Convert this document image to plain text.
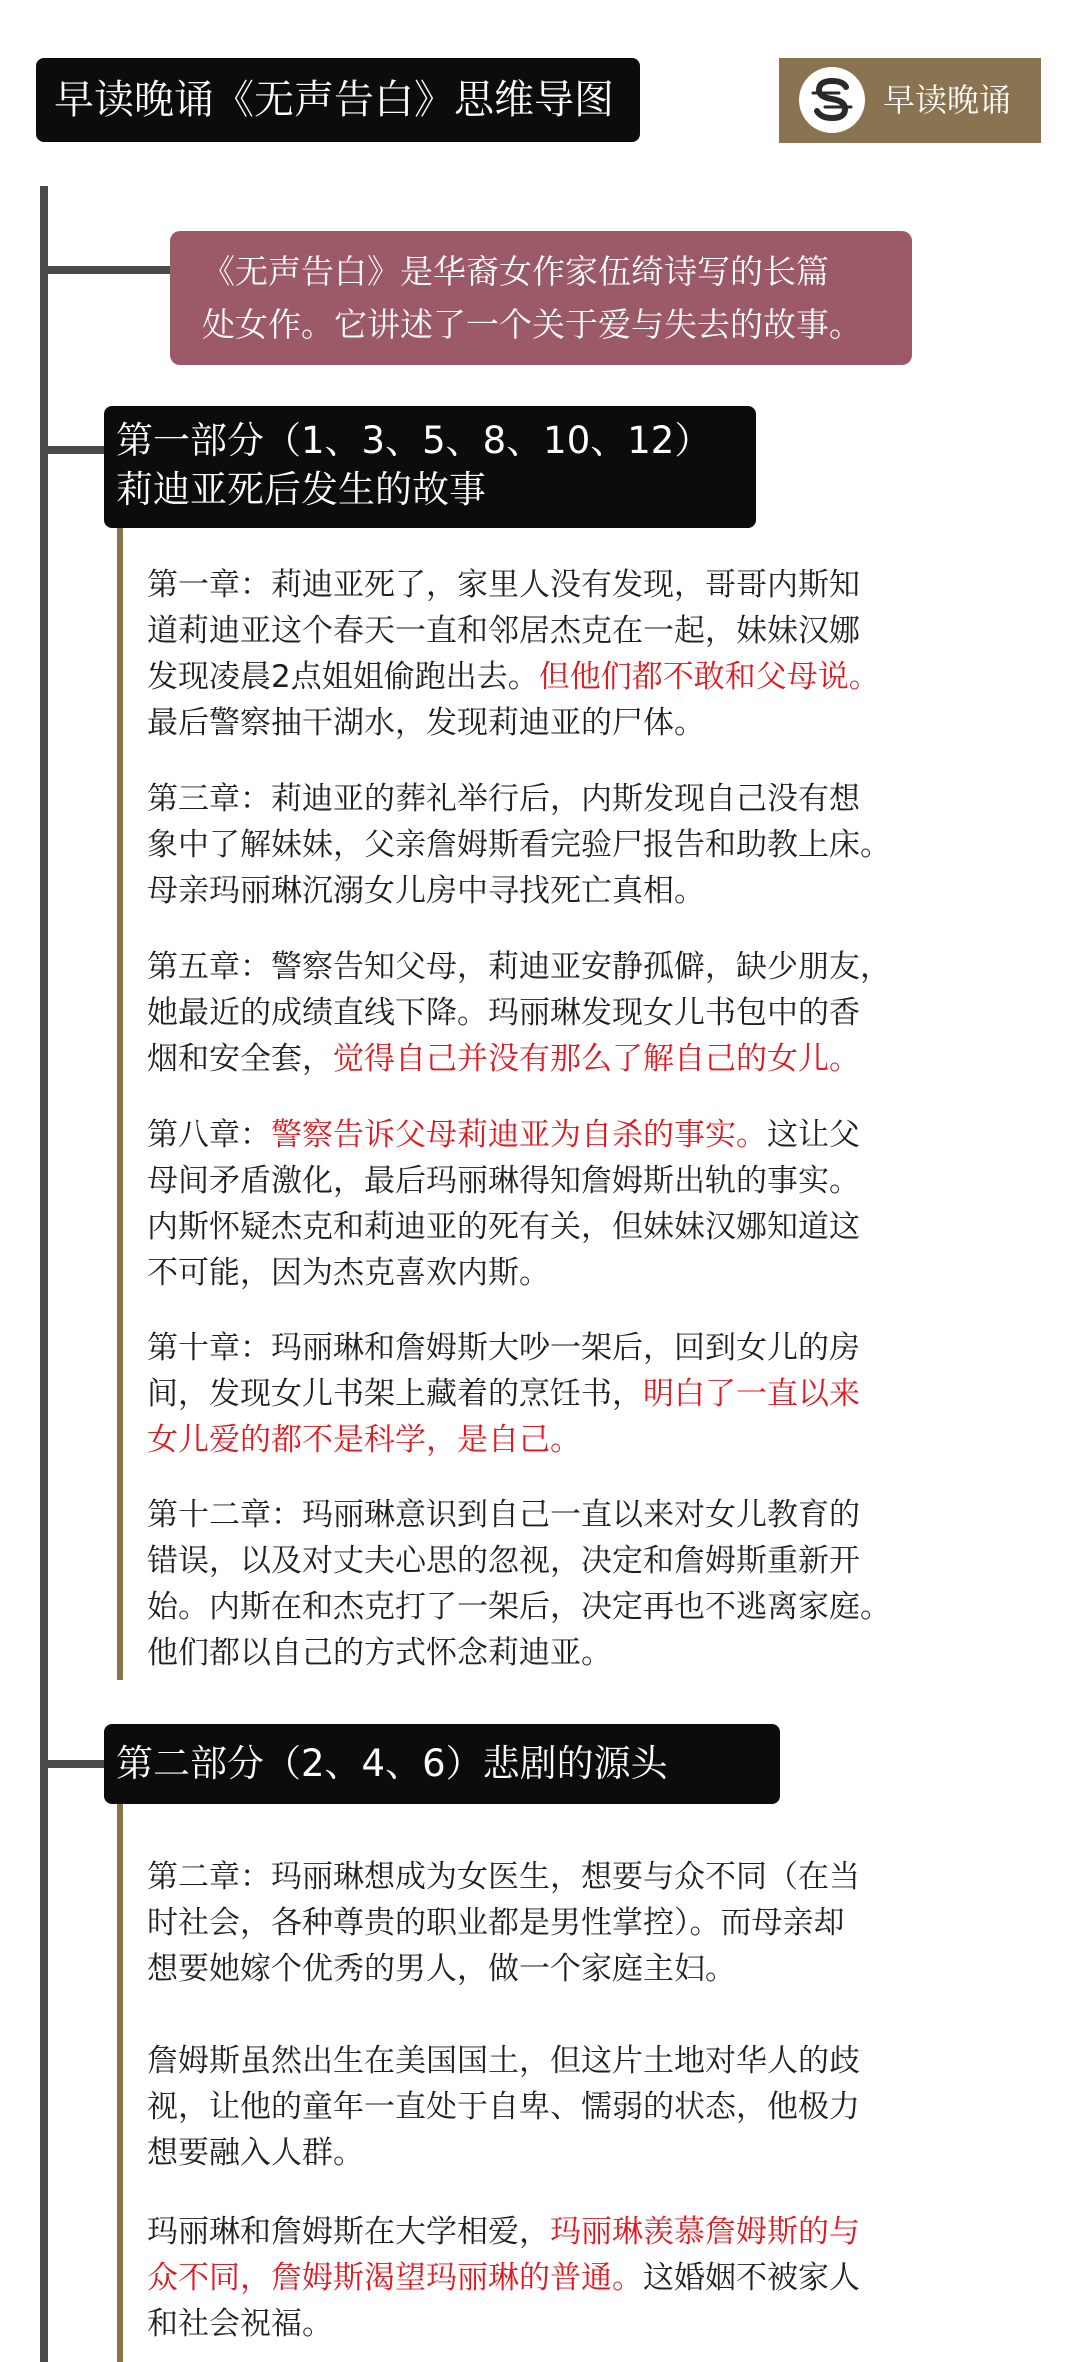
早读晚诵《无声告白》思维导图	早读晚诵
《无声告白》是华裔女作家伍绮诗写的长篇
处女作。它讲述了一个关于爱与失去的故事。
第一部分（1、3、5、8、10、12）
莉迪亚死后发生的故事
第一章：莉迪亚死了，家里人没有发现，哥哥内斯知
道莉迪亚这个春天一直和邻居杰克在一起，妹妹汉娜
发现凌晨2点姐姐偷跑出去。但他们都不敢和父母说。
最后警察抽干湖水，发现莉迪亚的尸体。
第三章：莉迪亚的葬礼举行后，内斯发现自己没有想
象中了解妹妹，父亲詹姆斯看完验尸报告和助教上床。
母亲玛丽琳沉溺女儿房中寻找死亡真相。
第五章：警察告知父母，莉迪亚安静孤僻，缺少朋友，
她最近的成绩直线下降。玛丽琳发现女儿书包中的香
烟和安全套，觉得自己并没有那么了解自己的女儿。
第八章：警察告诉父母莉迪亚为自杀的事实。这让父
母间矛盾激化，最后玛丽琳得知詹姆斯出轨的事实。
内斯怀疑杰克和莉迪亚的死有关，但妹妹汉娜知道这
不可能，因为杰克喜欢内斯。
第十章：玛丽琳和詹姆斯大吵一架后，回到女儿的房
间，发现女儿书架上藏着的烹饪书，明白了一直以来
女儿爱的都不是科学，是自己。
第十二章：玛丽琳意识到自己一直以来对女儿教育的
错误，以及对丈夫心思的忽视，决定和詹姆斯重新开
始。内斯在和杰克打了一架后，决定再也不逃离家庭。
他们都以自己的方式怀念莉迪亚。
第二部分（2、4、6）悲剧的源头
第二章：玛丽琳想成为女医生，想要与众不同（在当
时社会，各种尊贵的职业都是男性掌控）。而母亲却
想要她嫁个优秀的男人，做一个家庭主妇。
詹姆斯虽然出生在美国国土，但这片土地对华人的歧
视，让他的童年一直处于自卑、懦弱的状态，他极力
想要融入人群。
玛丽琳和詹姆斯在大学相爱，玛丽琳羡慕詹姆斯的与
众不同，詹姆斯渴望玛丽琳的普通。这婚姻不被家人
和社会祝福。
